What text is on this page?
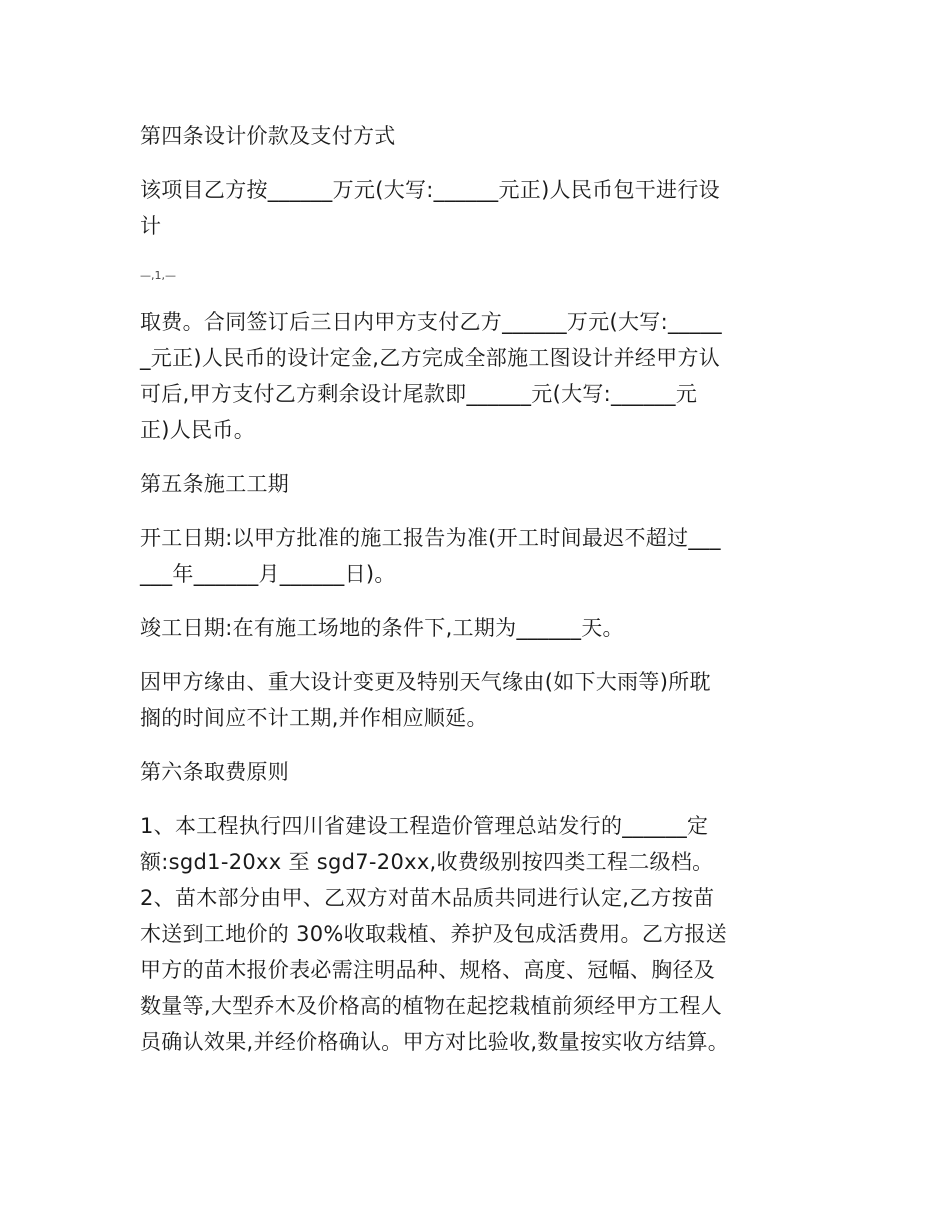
第四条设计价款及支付方式
该项目乙方按______万元(大写:______元正)人民币包干进行设
计
—,1,—
取费。合同签订后三日内甲方支付乙方______万元(大写:_____
_元正)人民币的设计定金,乙方完成全部施工图设计并经甲方认
可后,甲方支付乙方剩余设计尾款即______元(大写:______元
正)人民币。
第五条施工工期
开工日期:以甲方批准的施工报告为准(开工时间最迟不超过___
___年______月______日)。
竣工日期:在有施工场地的条件下,工期为______天。
因甲方缘由、重大设计变更及特别天气缘由(如下大雨等)所耽
搁的时间应不计工期,并作相应顺延。
第六条取费原则
1、本工程执行四川省建设工程造价管理总站发行的______定
额:sgd1-20xx 至 sgd7-20xx,收费级别按四类工程二级档。
2、苗木部分由甲、乙双方对苗木品质共同进行认定,乙方按苗
木送到工地价的 30%收取栽植、养护及包成活费用。乙方报送
甲方的苗木报价表必需注明品种、规格、高度、冠幅、胸径及
数量等,大型乔木及价格高的植物在起挖栽植前须经甲方工程人
员确认效果,并经价格确认。甲方对比验收,数量按实收方结算。
